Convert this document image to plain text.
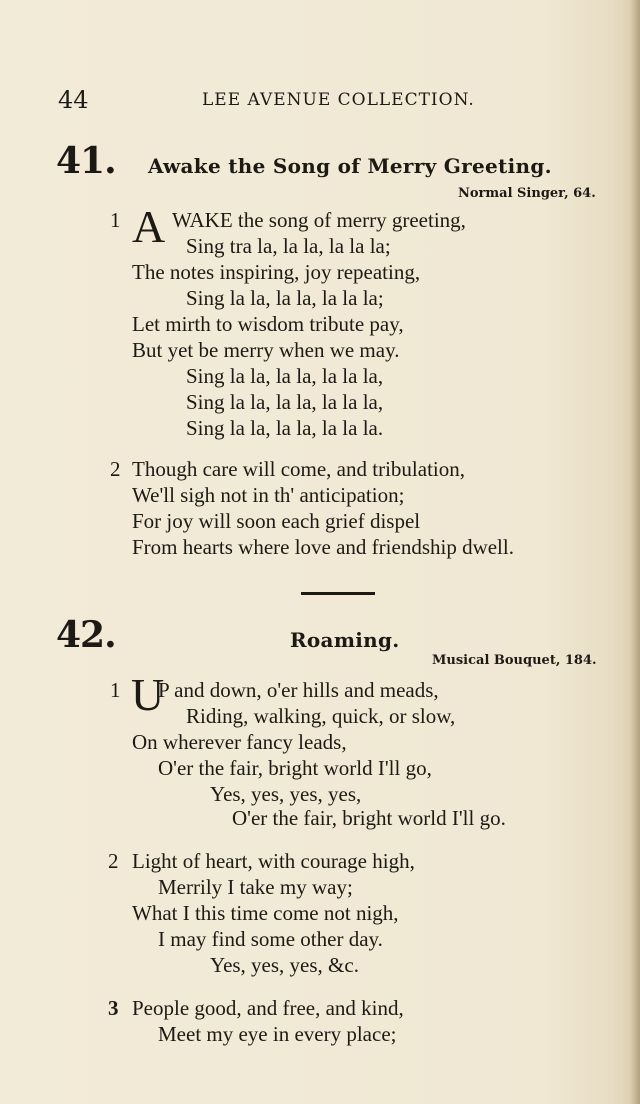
44	LEE AVENUE COLLECTION.
41. Awake the Song of Merry Greeting.
Normal Singer, 64.
1 A WAKE the song of merry greeting,
Sing tra la, la la, la la la;
The notes inspiring, joy repeating,
Sing la la, la la, la la la;
Let mirth to wisdom tribute pay,
But yet be merry when we may.
Sing la la, la la, la la la,
Sing la la, la la, la la la,
Sing la la, la la, la la la.
2 Though care will come, and tribulation,
We'll sigh not in th' anticipation;
For joy will soon each grief dispel
From hearts where love and friendship dwell.
42.	Roaming.
Musical Bouquet, 184.
1 U
P and down, o'er hills and meads,
Riding, walking, quick, or slow,
On wherever fancy leads,
O'er the fair, bright world I'll go,
Yes, yes, yes, yes,
O'er the fair, bright world I'll go.
2 Light of heart, with courage high,
Merrily I take my way;
What I this time come not nigh,
I may find some other day.
Yes, yes, yes, &c.
3 People good, and free, and kind,
Meet my eye in every place;
